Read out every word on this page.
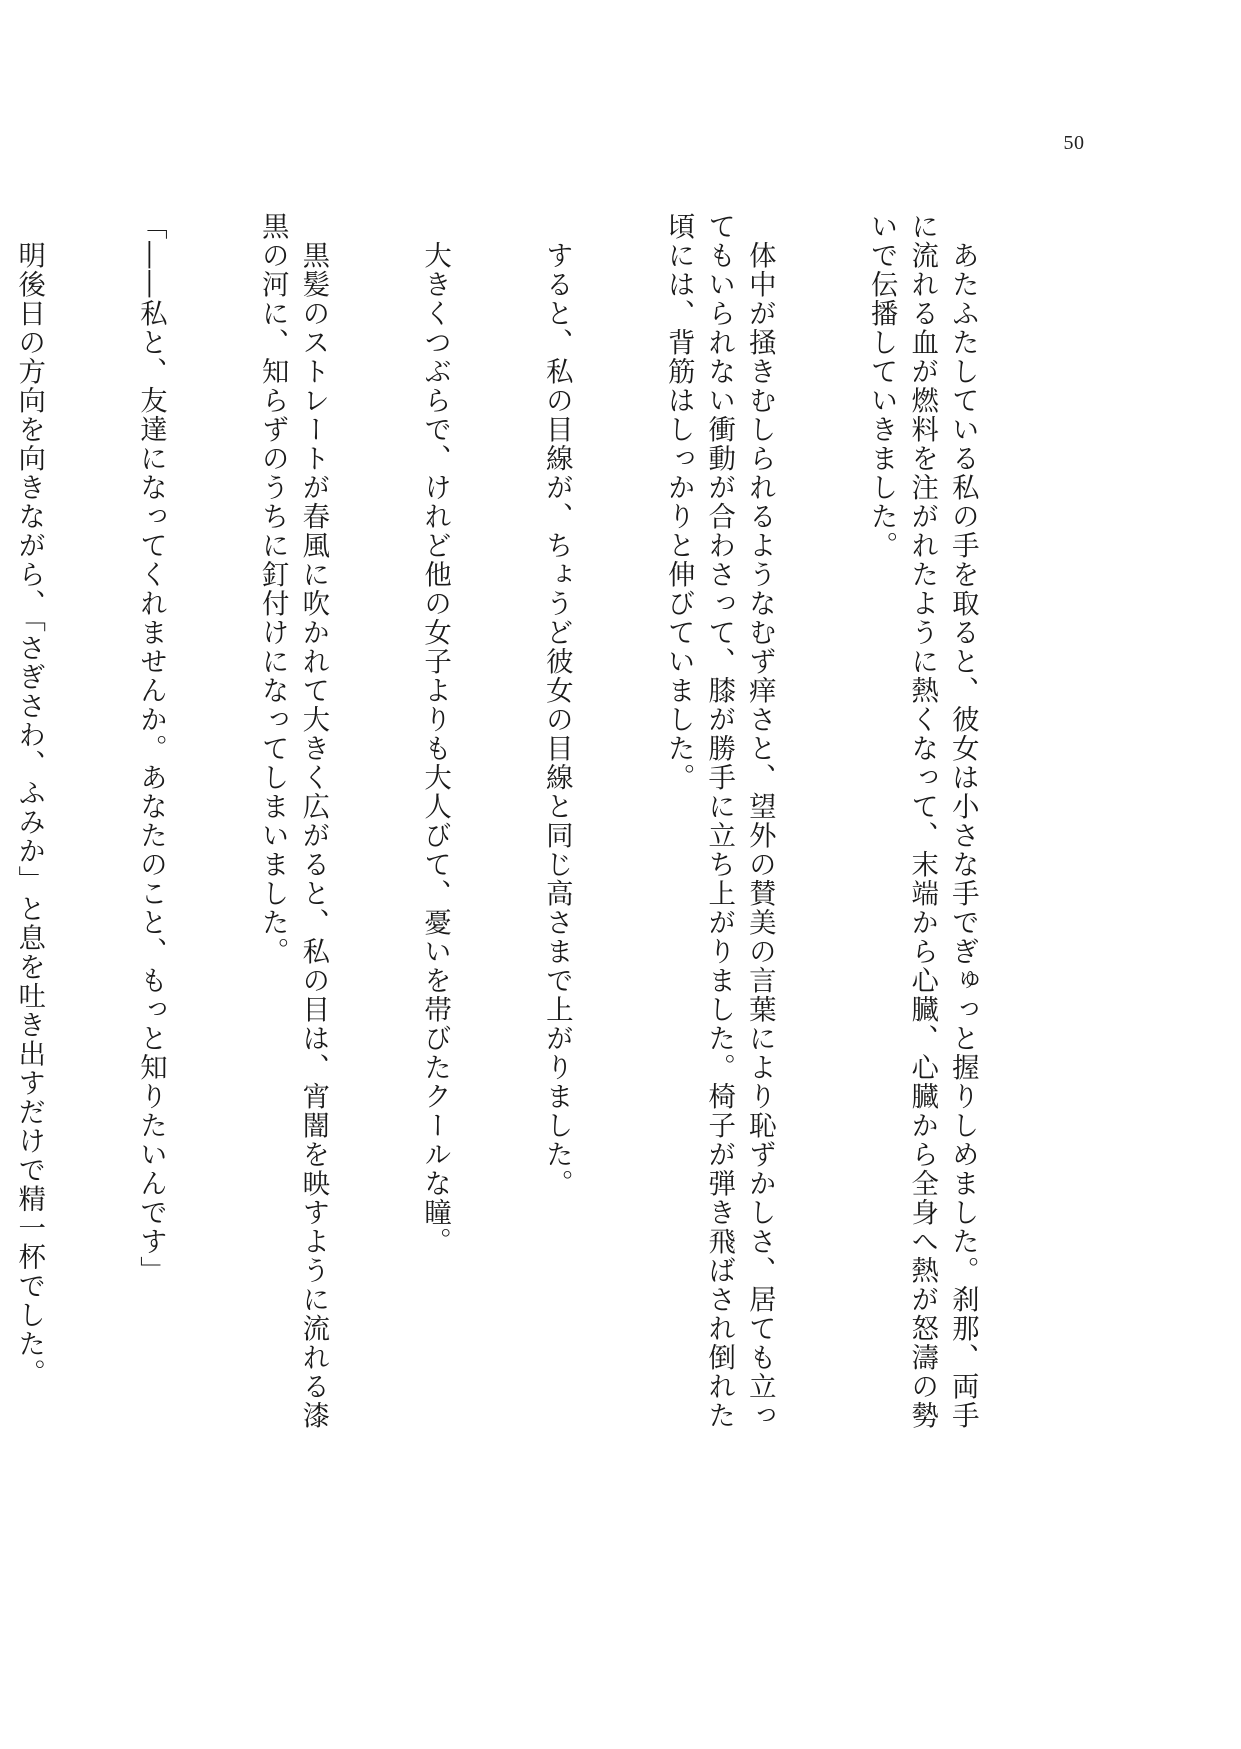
50

　あたふたしている私の手を取ると、彼女は小さな手でぎゅっと握りしめました。刹那、両手
に流れる血が燃料を注がれたように熱くなって、末端から心臓、心臓から全身へ熱が怒濤の勢
いで伝播していきました。

　体中が掻きむしられるようなむず痒さと、望外の賛美の言葉により恥ずかしさ、居ても立っ
てもいられない衝動が合わさって、膝が勝手に立ち上がりました。椅子が弾き飛ばされ倒れた
頃には、背筋はしっかりと伸びていました。

　すると、私の目線が、ちょうど彼女の目線と同じ高さまで上がりました。

　大きくつぶらで、けれど他の女子よりも大人びて、憂いを帯びたクールな瞳。

　黒髪のストレートが春風に吹かれて大きく広がると、私の目は、宵闇を映すように流れる漆
黒の河に、知らずのうちに釘付けになってしまいました。

「――私と、友達になってくれませんか。あなたのこと、もっと知りたいんです」

　明後日の方向を向きながら、「さぎさわ、ふみか」と息を吐き出すだけで精一杯でした。
